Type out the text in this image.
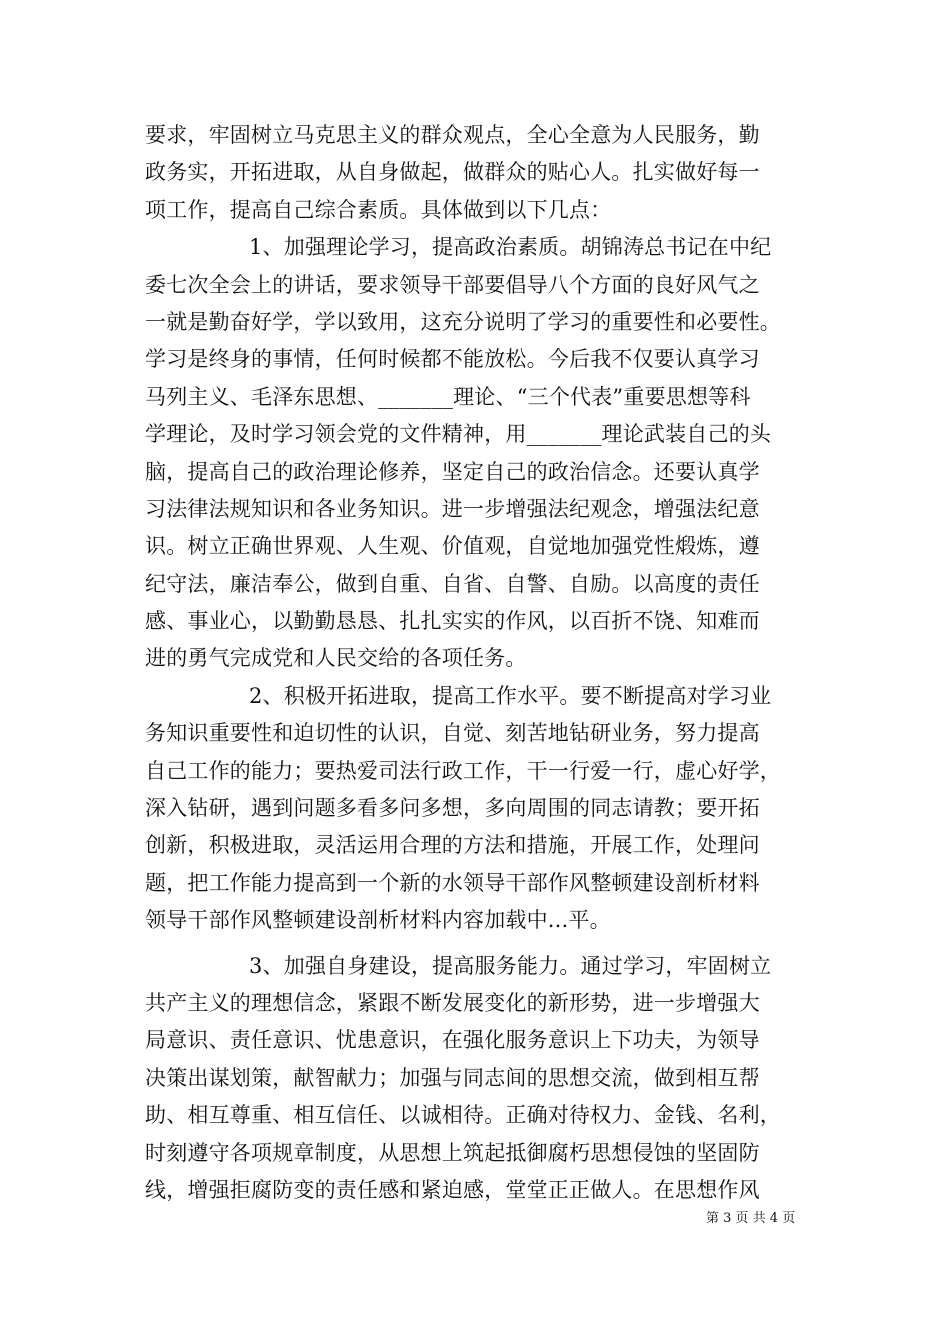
要求，牢固树立马克思主义的群众观点，全心全意为人民服务，勤
政务实，开拓进取，从自身做起，做群众的贴心人。扎实做好每一
项工作，提高自己综合素质。具体做到以下几点：
1、加强理论学习，提高政治素质。胡锦涛总书记在中纪
委七次全会上的讲话，要求领导干部要倡导八个方面的良好风气之
一就是勤奋好学，学以致用，这充分说明了学习的重要性和必要性。
学习是终身的事情，任何时候都不能放松。今后我不仅要认真学习
马列主义、毛泽东思想、_______理论、“三个代表”重要思想等科
学理论，及时学习领会党的文件精神，用_______理论武装自己的头
脑，提高自己的政治理论修养，坚定自己的政治信念。还要认真学
习法律法规知识和各业务知识。进一步增强法纪观念，增强法纪意
识。树立正确世界观、人生观、价值观，自觉地加强党性煅炼，遵
纪守法，廉洁奉公，做到自重、自省、自警、自励。以高度的责任
感、事业心，以勤勤恳恳、扎扎实实的作风，以百折不饶、知难而
进的勇气完成党和人民交给的各项任务。
2、积极开拓进取，提高工作水平。要不断提高对学习业
务知识重要性和迫切性的认识，自觉、刻苦地钻研业务，努力提高
自己工作的能力；要热爱司法行政工作，干一行爱一行，虚心好学，
深入钻研，遇到问题多看多问多想，多向周围的同志请教；要开拓
创新，积极进取，灵活运用合理的方法和措施，开展工作，处理问
题，把工作能力提高到一个新的水领导干部作风整顿建设剖析材料
领导干部作风整顿建设剖析材料内容加载中...平。
3、加强自身建设，提高服务能力。通过学习，牢固树立
共产主义的理想信念，紧跟不断发展变化的新形势，进一步增强大
局意识、责任意识、忧患意识，在强化服务意识上下功夫，为领导
决策出谋划策，献智献力；加强与同志间的思想交流，做到相互帮
助、相互尊重、相互信任、以诚相待。正确对待权力、金钱、名利，
时刻遵守各项规章制度，从思想上筑起抵御腐朽思想侵蚀的坚固防
线，增强拒腐防变的责任感和紧迫感，堂堂正正做人。在思想作风
第 3 页 共 4 页
